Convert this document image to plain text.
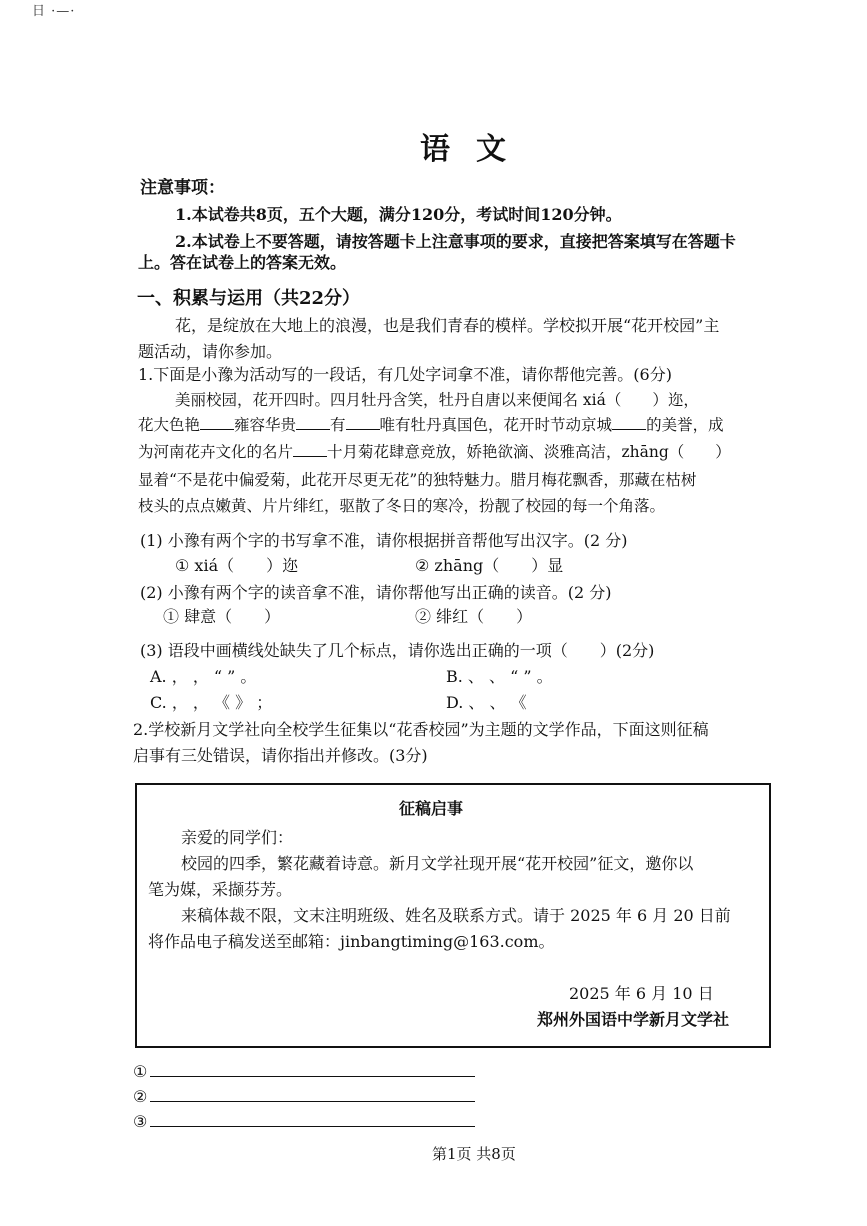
日 ·—·
语文
注意事项：
1.本试卷共8页，五个大题，满分120分，考试时间120分钟。
2.本试卷上不要答题，请按答题卡上注意事项的要求，直接把答案填写在答题卡
上。答在试卷上的答案无效。
一、积累与运用（共22分）
花，是绽放在大地上的浪漫，也是我们青春的模样。学校拟开展“花开校园”主
题活动，请你参加。
1.下面是小豫为活动写的一段话，有几处字词拿不准，请你帮他完善。(6分)
美丽校园，花开四时。四月牡丹含笑，牡丹自唐以来便闻名 xiá（　　）迩，
花大色艳 雍容华贵 有 唯有牡丹真国色，花开时节动京城 的美誉，成
为河南花卉文化的名片 十月菊花肆意竞放，娇艳欲滴、淡雅高洁，zhāng（　　）
显着“不是花中偏爱菊，此花开尽更无花”的独特魅力。腊月梅花飘香，那藏在枯树
枝头的点点嫩黄、片片绯红，驱散了冬日的寒冷，扮靓了校园的每一个角落。
(1) 小豫有两个字的书写拿不准，请你根据拼音帮他写出汉字。(2 分)
① xiá（　　）迩	② zhāng（　　）显
(2) 小豫有两个字的读音拿不准，请你帮他写出正确的读音。(2 分)
① 肆意（　　）	② 绯红（　　）
(3) 语段中画横线处缺失了几个标点，请你选出正确的一项（　　）(2分)
A. ， ， “ ” 。	B. 、 、 “ ” 。
C. ， ， 《 》 ；	D. 、 、 《
2.学校新月文学社向全校学生征集以“花香校园”为主题的文学作品，下面这则征稿
启事有三处错误，请你指出并修改。(3分)
征稿启事
亲爱的同学们：
校园的四季，繁花藏着诗意。新月文学社现开展“花开校园”征文，邀你以
笔为媒，采撷芬芳。
来稿体裁不限，文末注明班级、姓名及联系方式。请于 2025 年 6 月 20 日前
将作品电子稿发送至邮箱：jinbangtiming@163.com。
2025 年 6 月 10 日
郑州外国语中学新月文学社
①
②
③
第1页 共8页
